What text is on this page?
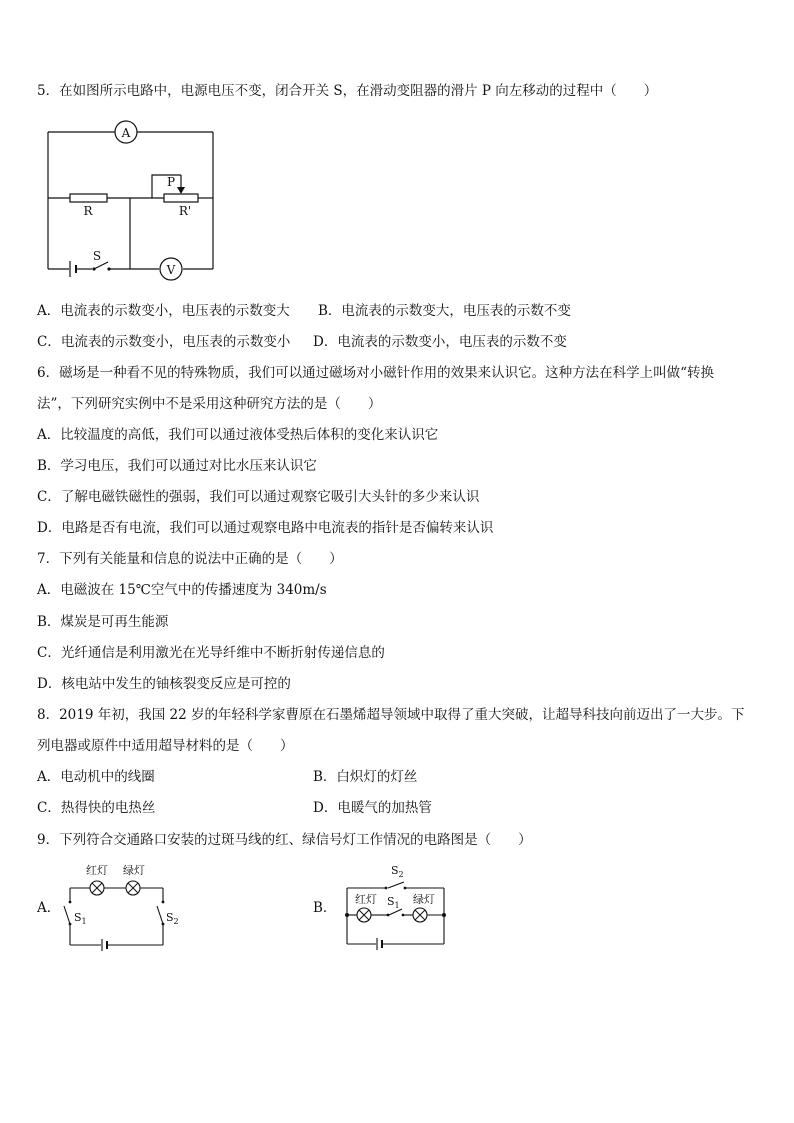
5．在如图所示电路中，电源电压不变，闭合开关 S，在滑动变阻器的滑片 P 向左移动的过程中（　　）
A
R	R'
P
S
V
A．电流表的示数变小，电压表的示数变大 B．电流表的示数变大，电压表的示数不变
C．电流表的示数变小，电压表的示数变小 D．电流表的示数变小，电压表的示数不变
6．磁场是一种看不见的特殊物质，我们可以通过磁场对小磁针作用的效果来认识它。这种方法在科学上叫做“转换
法”，下列研究实例中不是采用这种研究方法的是（　　）
A．比较温度的高低，我们可以通过液体受热后体积的变化来认识它
B．学习电压，我们可以通过对比水压来认识它
C．了解电磁铁磁性的强弱，我们可以通过观察它吸引大头针的多少来认识
D．电路是否有电流，我们可以通过观察电路中电流表的指针是否偏转来认识
7．下列有关能量和信息的说法中正确的是（　　）
A．电磁波在 15℃空气中的传播速度为 340m/s
B．煤炭是可再生能源
C．光纤通信是利用激光在光导纤维中不断折射传递信息的
D．核电站中发生的铀核裂变反应是可控的
8．2019 年初，我国 22 岁的年轻科学家曹原在石墨烯超导领域中取得了重大突破，让超导科技向前迈出了一大步。下
列电器或原件中适用超导材料的是（　　）
A．电动机中的线圈	B．白炽灯的灯丝
C．热得快的电热丝	D．电暖气的加热管
9．下列符合交通路口安装的过斑马线的红、绿信号灯工作情况的电路图是（　　）
A．
红灯 绿灯
$S_1$	$S_2$
B．
$S_2$
红灯 $S_1$ 绿灯
